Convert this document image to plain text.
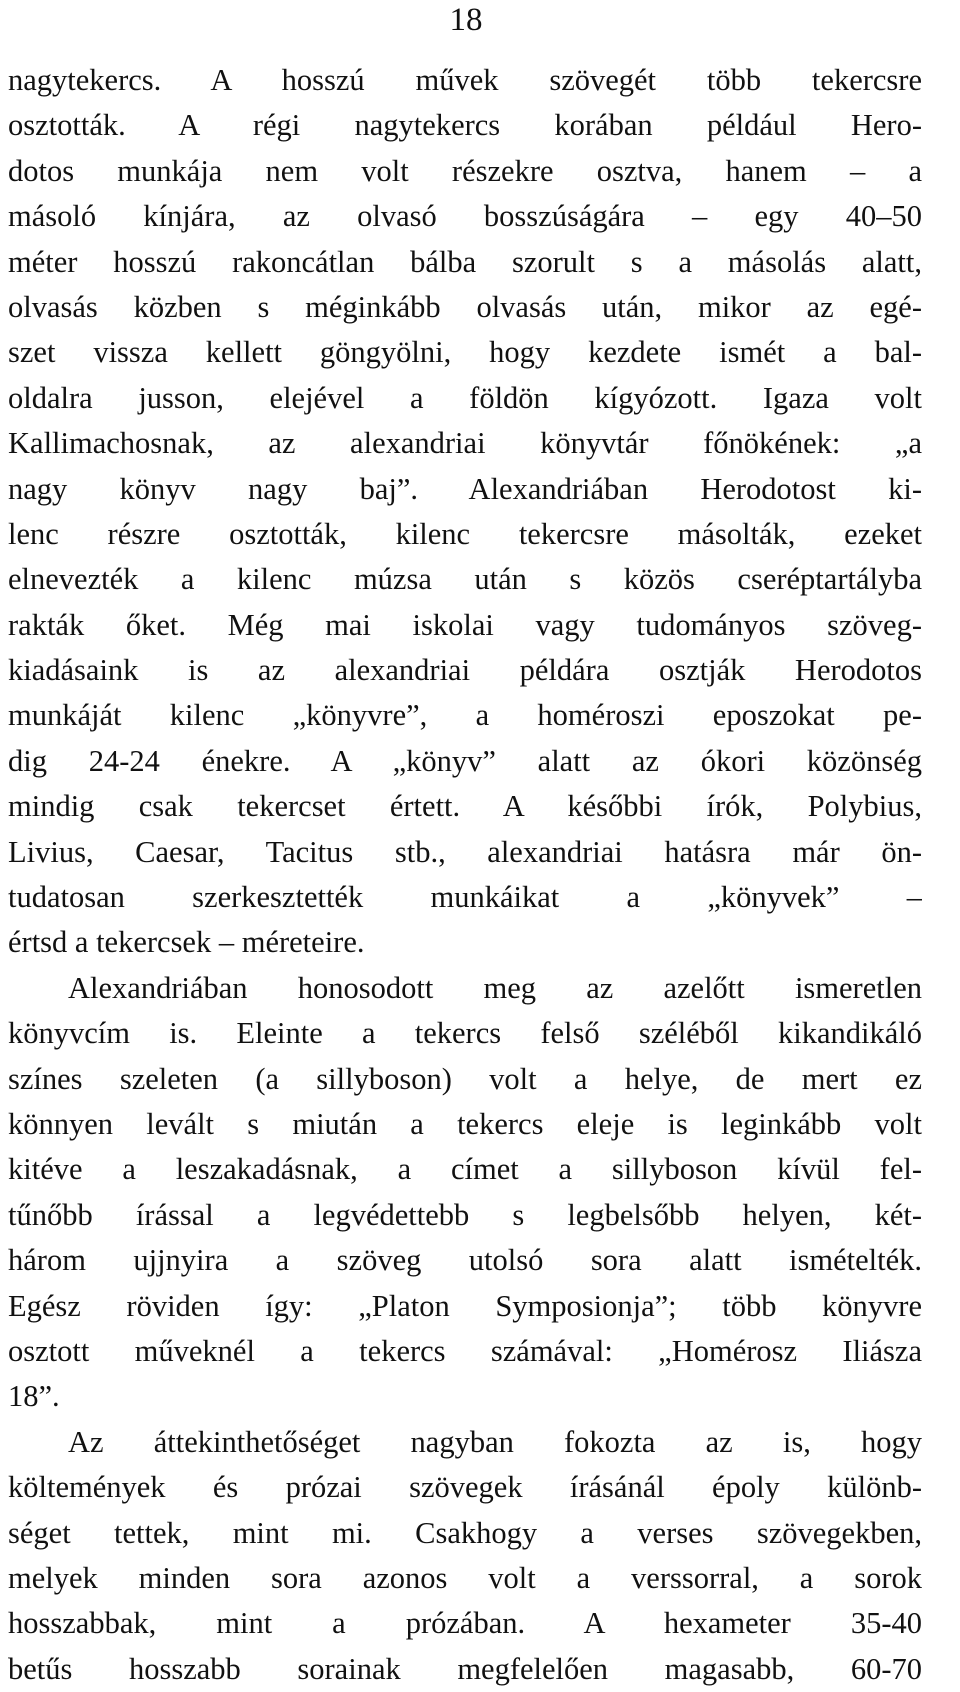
18
nagytekercs. A hosszú művek szövegét több tekercsre
osztották. A régi nagytekercs korában például Hero-
dotos munkája nem volt részekre osztva, hanem – a
másoló kínjára, az olvasó bosszúságára – egy 40–50
méter hosszú rakoncátlan bálba szorult s a másolás alatt,
olvasás közben s méginkább olvasás után, mikor az egé-
szet vissza kellett göngyölni, hogy kezdete ismét a bal-
oldalra jusson, elejével a földön kígyózott. Igaza volt
Kallimachosnak, az alexandriai könyvtár főnökének: „a
nagy könyv nagy baj”. Alexandriában Herodotost ki-
lenc részre osztották, kilenc tekercsre másolták, ezeket
elnevezték a kilenc múzsa után s közös cseréptartályba
rakták őket. Még mai iskolai vagy tudományos szöveg-
kiadásaink is az alexandriai példára osztják Herodotos
munkáját kilenc „könyvre”, a homéroszi eposzokat pe-
dig 24-24 énekre. A „könyv” alatt az ókori közönség
mindig csak tekercset értett. A későbbi írók, Polybius,
Livius, Caesar, Tacitus stb., alexandriai hatásra már ön-
tudatosan szerkesztették munkáikat a „könyvek” –
értsd a tekercsek – méreteire.
Alexandriában honosodott meg az azelőtt ismeretlen
könyvcím is. Eleinte a tekercs felső széléből kikandikáló
színes szeleten (a sillyboson) volt a helye, de mert ez
könnyen levált s miután a tekercs eleje is leginkább volt
kitéve a leszakadásnak, a címet a sillyboson kívül fel-
tűnőbb írással a legvédettebb s legbelsőbb helyen, két-
három ujjnyira a szöveg utolsó sora alatt ismételték.
Egész röviden így: „Platon Symposionja”; több könyvre
osztott műveknél a tekercs számával: „Homérosz Iliásza
18”.
Az áttekinthetőséget nagyban fokozta az is, hogy
költemények és prózai szövegek írásánál époly különb-
séget tettek, mint mi. Csakhogy a verses szövegekben,
melyek minden sora azonos volt a verssorral, a sorok
hosszabbak, mint a prózában. A hexameter 35-40
betűs hosszabb sorainak megfelelően magasabb, 60-70
